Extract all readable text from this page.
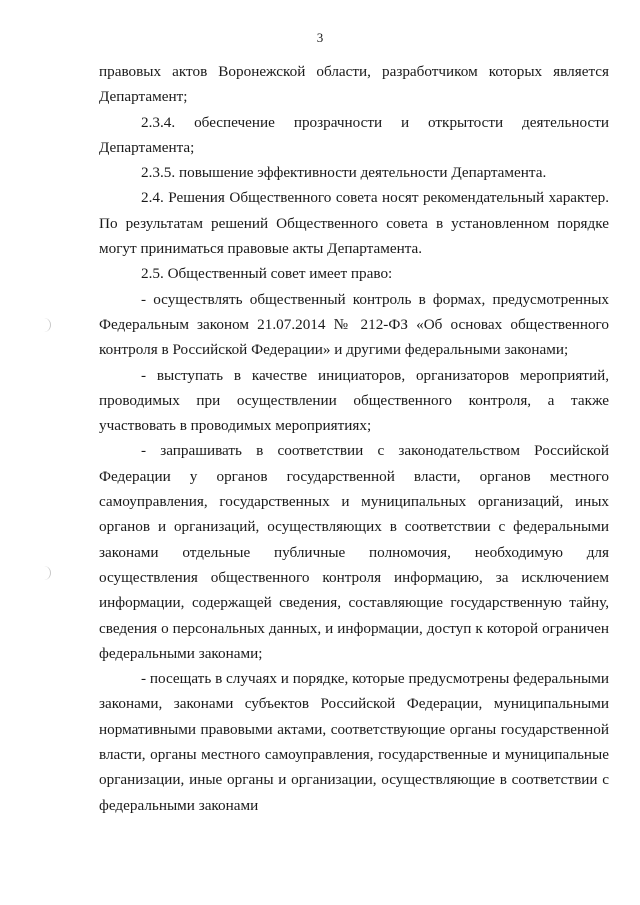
3

правовых актов Воронежской области, разработчиком которых является Департамент;

2.3.4. обеспечение прозрачности и открытости деятельности Департамента;

2.3.5. повышение эффективности деятельности Департамента.

2.4. Решения Общественного совета носят рекомендательный характер. По результатам решений Общественного совета в установленном порядке могут приниматься правовые акты Департамента.

2.5. Общественный совет имеет право:

- осуществлять общественный контроль в формах, предусмотренных Федеральным законом 21.07.2014 № 212-ФЗ «Об основах общественного контроля в Российской Федерации» и другими федеральными законами;

- выступать в качестве инициаторов, организаторов мероприятий, проводимых при осуществлении общественного контроля, а также участвовать в проводимых мероприятиях;

- запрашивать в соответствии с законодательством Российской Федерации у органов государственной власти, органов местного самоуправления, государственных и муниципальных организаций, иных органов и организаций, осуществляющих в соответствии с федеральными законами отдельные публичные полномочия, необходимую для осуществления общественного контроля информацию, за исключением информации, содержащей сведения, составляющие государственную тайну, сведения о персональных данных, и информации, доступ к которой ограничен федеральными законами;

- посещать в случаях и порядке, которые предусмотрены федеральными законами, законами субъектов Российской Федерации, муниципальными нормативными правовыми актами, соответствующие органы государственной власти, органы местного самоуправления, государственные и муниципальные организации, иные органы и организации, осуществляющие в соответствии с федеральными законами
